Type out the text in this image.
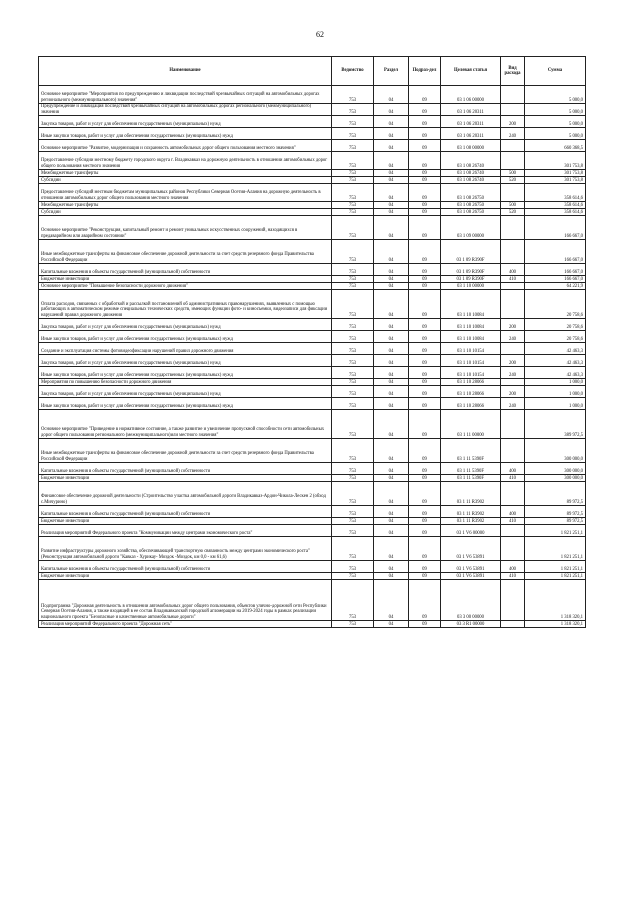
62
Наименование	Ведомство	Раздел	Подраз-дел	Целевая статья	Вид расхода	Сумма
Основное мероприятие "Мероприятия по предупреждению и ликвидации последствий чрезвычайных ситуаций на автомобильных дорогах регионального (межмуниципального) значения"	753	04	09	03 1 06 00000		5 000,0
Предупреждение и ликвидация последствий чрезвычайных ситуаций на автомобильных дорогах регионального (межмуниципального) значения	753	04	09	03 1 06 20311		5 000,0
Закупка товаров, работ и услуг для обеспечения государственных (муниципальных) нужд	753	04	09	03 1 06 20311	200	5 000,0
Иные закупки товаров, работ и услуг для обеспечения государственных (муниципальных) нужд	753	04	09	03 1 06 20311	240	5 000,0
Основное мероприятие "Развитие, модернизация и сохранность автомобильных дорог общего пользования местного значения"	753	04	09	03 1 08 00000		660 368,5
Предоставление субсидии местному бюджету городского округа г. Владикавказ на дорожную деятельность в отношении автомобильных дорог общего пользования местного значения	753	04	09	03 1 08 26740		301 753,8
Межбюджетные трансферты	753	04	09	03 1 08 26740	500	301 753,8
Субсидии	753	04	09	03 1 08 26740	520	301 753,8
Предоставление субсидий местным бюджетам муниципальных районов Республики Северная Осетия-Алания на дорожную деятельность в отношении автомобильных дорог общего пользования местного значения	753	04	09	03 1 08 26750		358 614,6
Межбюджетные трансферты	753	04	09	03 1 08 26750	500	358 614,6
Субсидии	753	04	09	03 1 08 26750	520	358 614,6
Основное мероприятие "Реконструкция, капитальный ремонт и ремонт уникальных искусственных сооружений, находящихся в предаварийном или аварийном состоянии"	753	04	09	03 1 09 00000		166 667,0
Иные межбюджетные трансферты на финансовое обеспечение дорожной деятельности за счет средств резервного фонда Правительства Российской Федерации	753	04	09	03 1 09 R390F		166 667,0
Капитальные вложения в объекты государственной (муниципальной) собственности	753	04	09	03 1 09 R390F	400	166 667,0
Бюджетные инвестиции	753	04	09	03 1 09 R390F	410	166 667,0
Основное мероприятие "Повышение безопасности дорожного движения"	753	04	09	03 1 10 00000		64 221,9
Оплата расходов, связанных с обработкой и рассылкой постановлений об административных правонарушениях, выявленных с помощью работающих в автоматическом режиме специальных технических средств, имеющих функции фото- и киносъемки, видеозаписи для фиксации нарушений правил дорожного движения	753	04	09	03 1 10 10084		20 758,6
Закупка товаров, работ и услуг для обеспечения государственных (муниципальных) нужд	753	04	09	03 1 10 10084	200	20 758,6
Иные закупки товаров, работ и услуг для обеспечения государственных (муниципальных) нужд	753	04	09	03 1 10 10084	240	20 758,6
Создание и эксплуатация системы фотовидеофиксации нарушений правил дорожного движения	753	04	09	03 1 10 10154		42 463,3
Закупка товаров, работ и услуг для обеспечения государственных (муниципальных) нужд	753	04	09	03 1 10 10154	200	42 463,3
Иные закупки товаров, работ и услуг для обеспечения государственных (муниципальных) нужд	753	04	09	03 1 10 10154	240	42 463,3
Мероприятия по повышению безопасности дорожного движения	753	04	09	03 1 10 28066		1 000,0
Закупка товаров, работ и услуг для обеспечения государственных (муниципальных) нужд	753	04	09	03 1 10 28066	200	1 000,0
Иные закупки товаров, работ и услуг для обеспечения государственных (муниципальных) нужд	753	04	09	03 1 10 28066	240	1 000,0
Основное мероприятие "Приведение в нормативное состояние, а также развитие и увеличение пропускной способности сети автомобильных дорог общего пользования регионального (межмуниципального)или местного значения"	753	04	09	03 1 11 00000		389 972,5
Иные межбюджетные трансферты на финансовое обеспечение дорожной деятельности за счет средств резервного фонда Правительства Российской Федерации	753	04	09	03 1 11 5390F		300 000,0
Капитальные вложения в объекты государственной (муниципальной) собственности	753	04	09	03 1 11 5390F	400	300 000,0
Бюджетные инвестиции	753	04	09	03 1 11 5390F	410	300 000,0
Финансовое обеспечение дорожной деятельности (Строительство участка автомобильной дороги Владикавказ-Ардон-Чикола-Лескен 2 (обход с.Мичурино)	753	04	09	03 1 11 R3902		89 972,5
Капитальные вложения в объекты государственной (муниципальной) собственности	753	04	09	03 1 11 R3902	400	89 972,5
Бюджетные инвестиции	753	04	09	03 1 11 R3902	410	89 972,5
Реализация мероприятий Федерального проекта "Коммуникации между центрами экономического роста"	753	04	09	03 1 V6 00000		1 821 251,1
Развитие инфраструктуры дорожного хозяйства, обеспечивающей транспортную связанность между центрами экономического роста" (Реконструкция автомобильной дороги "Кавказ - Хурикау- Моздок -Моздок, км 0,0 - км 61,6)	753	04	09	03 1 V6 53891		1 821 251,1
Капитальные вложения в объекты государственной (муниципальной) собственности	753	04	09	03 1 V6 53891	400	1 821 251,1
Бюджетные инвестиции	753	04	09	03 1 V6 53891	410	1 821 251,1
Подпрограмма "Дорожная деятельность в отношении автомобильных дорог общего пользования, объектов улично-дорожной сети Республики Северная Осетия-Алания, а также входящей в ее состав Владикавказской городской агломерации на 2019-2024 годы в рамках реализации национального проекта "Безопасные и качественные автомобильные дороги"	753	04	09	03 3 00 00000		1 318 320,1
Реализация мероприятий Федерального проекта "Дорожная сеть"	753	04	09	03 3 R1 00000		1 318 320,1
